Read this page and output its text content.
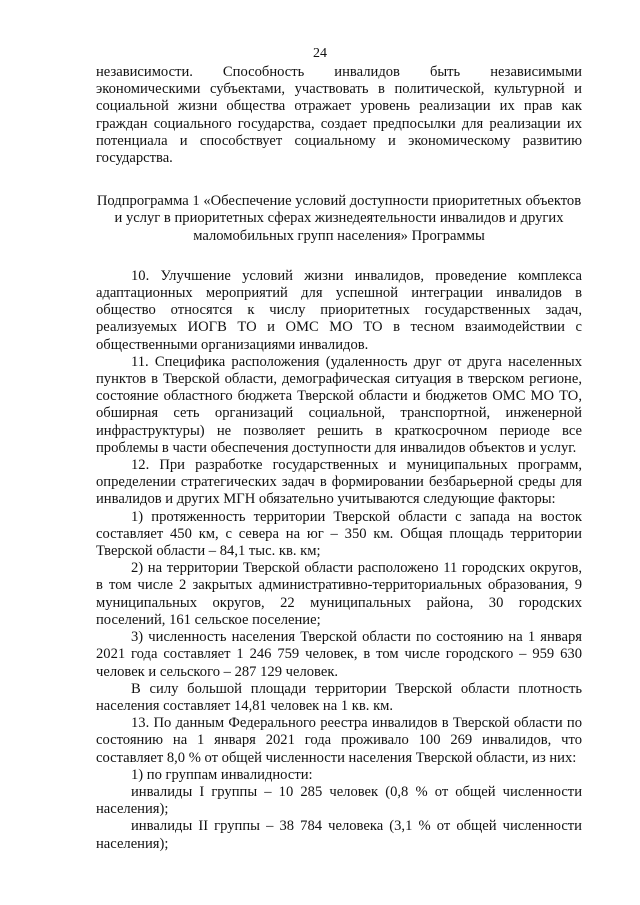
24

независимости. Способность инвалидов быть независимыми экономическими субъектами, участвовать в политической, культурной и социальной жизни общества отражает уровень реализации их прав как граждан социального государства, создает предпосылки для реализации их потенциала и способствует социальному и экономическому развитию государства.

Подпрограмма 1 «Обеспечение условий доступности приоритетных объектов и услуг в приоритетных сферах жизнедеятельности инвалидов и других маломобильных групп населения» Программы

10. Улучшение условий жизни инвалидов, проведение комплекса адаптационных мероприятий для успешной интеграции инвалидов в общество относятся к числу приоритетных государственных задач, реализуемых ИОГВ ТО и ОМС МО ТО в тесном взаимодействии с общественными организациями инвалидов.

11. Специфика расположения (удаленность друг от друга населенных пунктов в Тверской области, демографическая ситуация в тверском регионе, состояние областного бюджета Тверской области и бюджетов ОМС МО ТО, обширная сеть организаций социальной, транспортной, инженерной инфраструктуры) не позволяет решить в краткосрочном периоде все проблемы в части обеспечения доступности для инвалидов объектов и услуг.

12. При разработке государственных и муниципальных программ, определении стратегических задач в формировании безбарьерной среды для инвалидов и других МГН обязательно учитываются следующие факторы:

1) протяженность территории Тверской области с запада на восток составляет 450 км, с севера на юг – 350 км. Общая площадь территории Тверской области – 84,1 тыс. кв. км;

2) на территории Тверской области расположено 11 городских округов, в том числе 2 закрытых административно-территориальных образования, 9 муниципальных округов, 22 муниципальных района, 30 городских поселений, 161 сельское поселение;

3) численность населения Тверской области по состоянию на 1 января 2021 года составляет 1 246 759 человек, в том числе городского – 959 630 человек и сельского – 287 129 человек.

В силу большой площади территории Тверской области плотность населения составляет 14,81 человек на 1 кв. км.

13. По данным Федерального реестра инвалидов в Тверской области по состоянию на 1 января 2021 года проживало 100 269 инвалидов, что составляет 8,0 % от общей численности населения Тверской области, из них:

1) по группам инвалидности:

инвалиды I группы – 10 285 человек (0,8 % от общей численности населения);

инвалиды II группы – 38 784 человека (3,1 % от общей численности населения);
